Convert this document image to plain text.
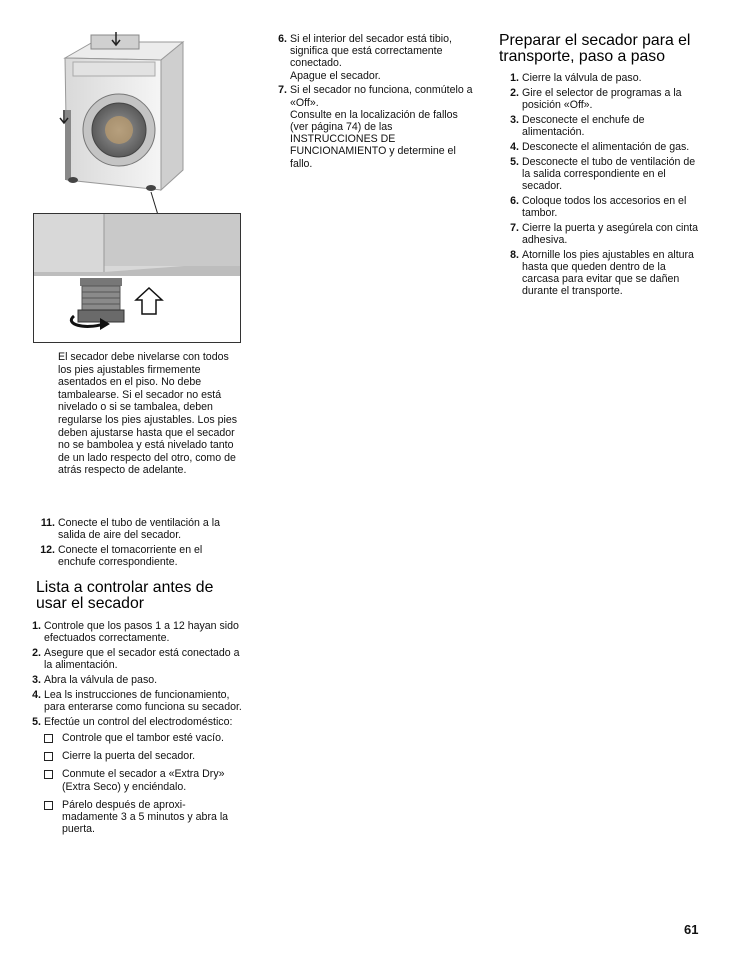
El secador debe nivelarse con todos los pies ajustables firmemente asentados en el piso. No debe tambalearse. Si el secador no está nivelado o si se tambalea, deben regularse los pies ajustables. Los pies deben ajustarse hasta que el secador no se bambolea y está nivelado tanto de un lado respecto del otro, como de atrás respecto de adelante.
11. Conecte el tubo de ventilación a la salida de aire del secador.
12. Conecte el tomacorriente en el enchufe correspondiente.
Lista a controlar antes de usar el secador
1. Controle que los pasos 1 a 12 hayan sido efectuados correctamente.
2. Asegure que el secador está conectado a la alimentación.
3. Abra la válvula de paso.
4. Lea ls instrucciones de funcionamiento, para enterarse como funciona su secador.
5. Efectúe un control del electrodoméstico:
Controle que el tambor esté vacío.
Cierre la puerta del secador.
Conmute el secador a «Extra Dry» (Extra Seco) y enciéndalo.
Párelo después de aproxi- madamente 3 a 5 minutos y abra la puerta.
6. Si el interior del secador está tibio, significa que está correctamente conectado.
Apague el secador.
7. Si el secador no funciona, conmútelo a «Off».
Consulte en la localización de fallos (ver página 74) de las INSTRUCCIONES DE FUNCIONAMIENTO y determine el fallo.
Preparar el secador para el transporte, paso a paso
1. Cierre la válvula de paso.
2. Gire el selector de programas a la posición «Off».
3. Desconecte el enchufe de alimentación.
4. Desconecte el alimentación de gas.
5. Desconecte el tubo de ventilación de la salida correspondiente en el secador.
6. Coloque todos los accesorios en el tambor.
7. Cierre la puerta y asegúrela con cinta adhesiva.
8. Atornille los pies ajustables en altura hasta que queden dentro de la carcasa para evitar que se dañen durante el transporte.
61
